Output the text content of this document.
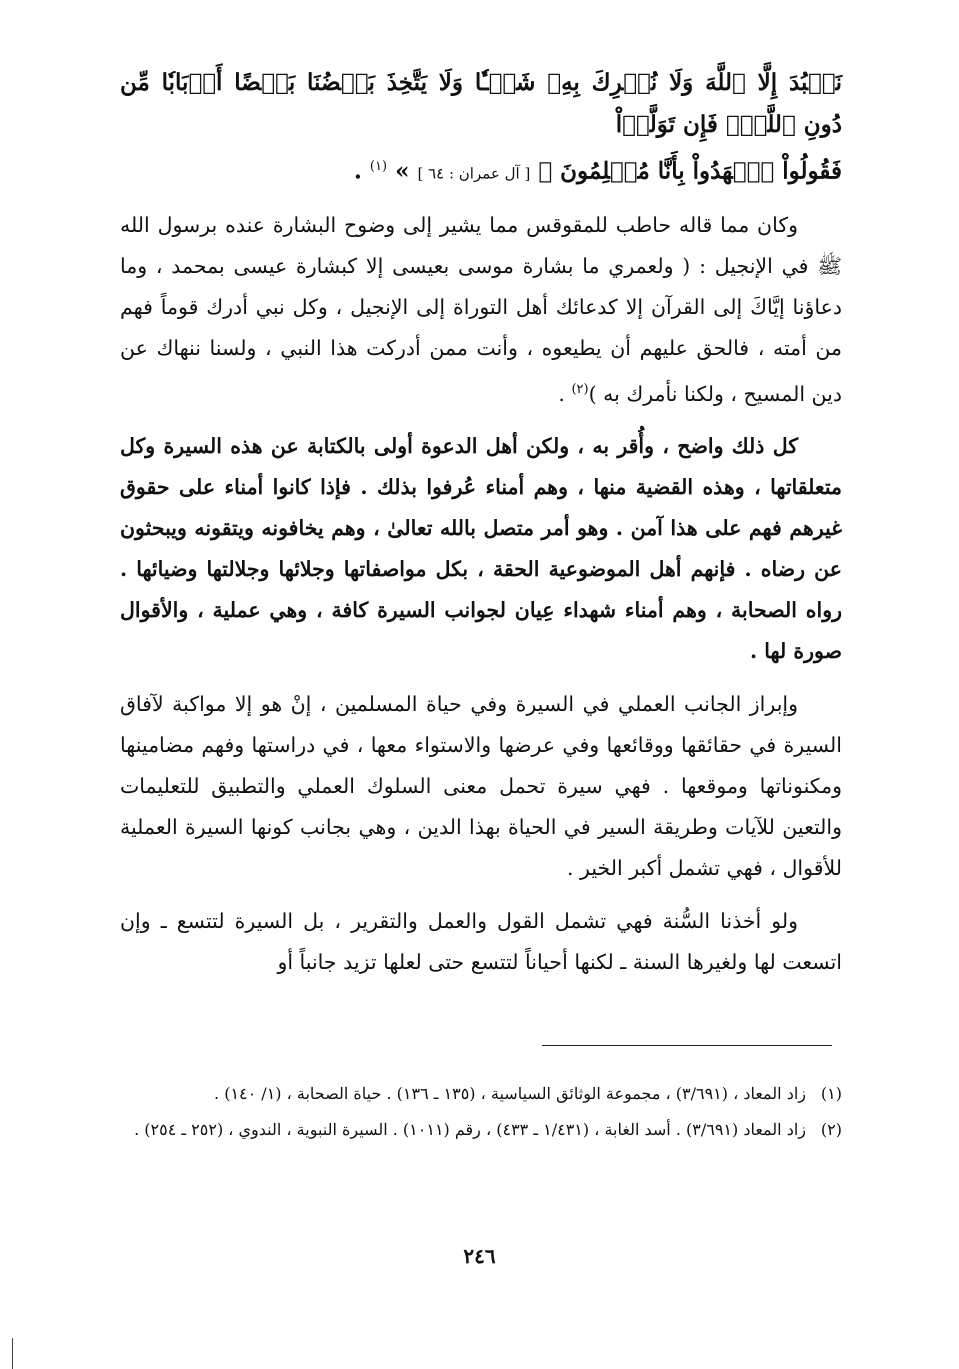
نَعۡبُدَ إِلَّا ٱللَّهَ وَلَا نُشۡرِكَ بِهِۦ شَيۡـٔٗا وَلَا يَتَّخِذَ بَعۡضُنَا بَعۡضًا أَرۡبَابٗا مِّن دُونِ ٱللَّهِۚ فَإِن تَوَلَّوۡاْ
فَقُولُواْ ٱشۡهَدُواْ بِأَنَّا مُسۡلِمُونَ ﴾ [ آل عمران : ٦٤ ] » $^{(١)}$ .

وكان مما قاله حاطب للمقوقس مما يشير إلى وضوح البشارة عنده برسول الله ﷺ في الإنجيل : ( ولعمري ما بشارة موسى بعيسى إلا كبشارة عيسى بمحمد ، وما دعاؤنا إيَّاكَ إلى القرآن إلا كدعائك أهل التوراة إلى الإنجيل ، وكل نبي أدرك قوماً فهم من أمته ، فالحق عليهم أن يطيعوه ، وأنت ممن أدركت هذا النبي ، ولسنا ننهاك عن دين المسيح ، ولكنا نأمرك به )$^{(٢)}$ .

كل ذلك واضح ، وأُقر به ، ولكن أهل الدعوة أولى بالكتابة عن هذه السيرة وكل متعلقاتها ، وهذه القضية منها ، وهم أمناء عُرفوا بذلك . فإذا كانوا أمناء على حقوق غيرهم فهم على هذا آمن . وهو أمر متصل بالله تعالىٰ ، وهم يخافونه ويتقونه ويبحثون عن رضاه . فإنهم أهل الموضوعية الحقة ، بكل مواصفاتها وجلائها وجلالتها وضيائها . رواه الصحابة ، وهم أمناء شهداء عِيان لجوانب السيرة كافة ، وهي عملية ، والأقوال صورة لها .

وإبراز الجانب العملي في السيرة وفي حياة المسلمين ، إنْ هو إلا مواكبة لآفاق السيرة في حقائقها ووقائعها وفي عرضها والاستواء معها ، في دراستها وفهم مضامينها ومكنوناتها وموقعها . فهي سيرة تحمل معنى السلوك العملي والتطبيق للتعليمات والتعين للآيات وطريقة السير في الحياة بهذا الدين ، وهي بجانب كونها السيرة العملية للأقوال ، فهي تشمل أكبر الخير .

ولو أخذنا السُّنة فهي تشمل القول والعمل والتقرير ، بل السيرة لتتسع ـ وإن اتسعت لها ولغيرها السنة ـ لكنها أحياناً لتتسع حتى لعلها تزيد جانباً أو

(١)
زاد المعاد ، (٣/٦٩١) ، مجموعة الوثائق السياسية ، (١٣٥ ـ ١٣٦) . حياة الصحابة ، (١/ ١٤٠) .
(٢)
زاد المعاد (٣/٦٩١) . أسد الغابة ، (١/٤٣١ ـ ٤٣٣) ، رقم (١٠١١) . السيرة النبوية ، الندوي ، (٢٥٢ ـ ٢٥٤) .
٢٤٦
